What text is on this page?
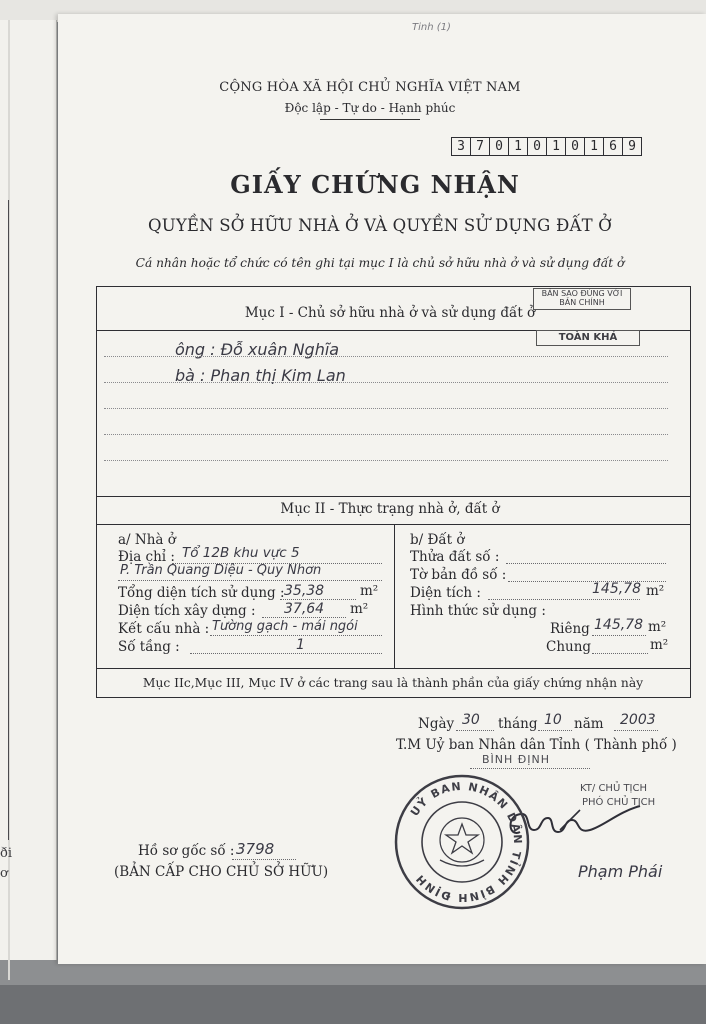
ði
ơ
Tinh (1)
CỘNG HÒA XÃ HỘI CHỦ NGHĨA VIỆT NAM
Độc lập - Tự do - Hạnh phúc
3 7 0 1 0 1 0 1 6 9
GIẤY CHỨNG NHẬN
QUYỀN SỞ HỮU NHÀ Ở VÀ QUYỀN SỬ DỤNG ĐẤT Ở
Cá nhân hoặc tổ chức có tên ghi tại mục I là chủ sở hữu nhà ở và sử dụng đất ở
Mục I - Chủ sở hữu nhà ở và sử dụng đất ở
BẢN SAO ĐÚNG VỚI BẢN CHÍNH
TOÀN KHẢ
ông : Đỗ xuân Nghĩa
bà : Phan thị Kim Lan
Mục II - Thực trạng nhà ở, đất ở
a/ Nhà ở
Địa chỉ : Tổ 12B khu vực 5
P. Trần Quang Diệu - Quy Nhơn
Tổng diện tích sử dụng : 35,38	m²
Diện tích xây dựng : 37,64 m²
Kết cấu nhà : Tường gạch - mái ngói
Số tầng :	1
b/ Đất ở
Thửa đất số :
Tờ bản đồ số :
Diện tích :	145,78 m²
Hình thức sử dụng :
Riêng 145,78 m²
Chung	m²
Mục IIc,Mục III, Mục IV ở các trang sau là thành phần của giấy chứng nhận này
Ngày 30 tháng 10 năm 2003
T.M Uỷ ban Nhân dân Tỉnh ( Thành phố )
BÌNH ĐỊNH
KT/ CHỦ TỊCH
PHÓ CHỦ TỊCH
Phạm Phái
UỶ BAN NHÂN DÂN TỈNH BÌNH ĐỊNH
Hồ sơ gốc số : 3798
(BẢN CẤP CHO CHỦ SỞ HỮU)
